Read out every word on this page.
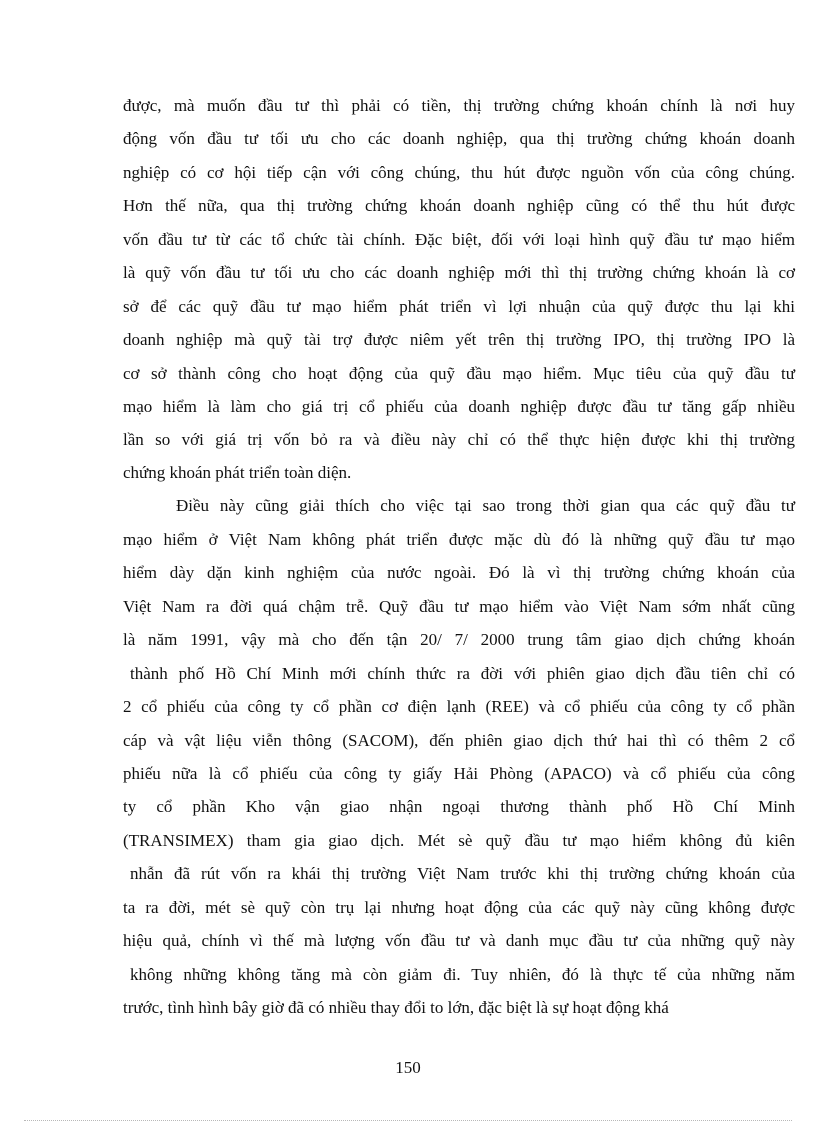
được, mà muốn đầu tư thì phải có tiền, thị trường chứng khoán chính là nơi huy
động vốn đầu tư tối ưu cho các doanh nghiệp, qua thị trường chứng khoán doanh
nghiệp có cơ hội tiếp cận với công chúng, thu hút được nguồn vốn của công chúng.
Hơn thế nữa, qua thị trường chứng khoán doanh nghiệp cũng có thể thu hút được
vốn đầu tư từ các tổ chức tài chính. Đặc biệt, đối với loại hình quỹ đầu tư mạo hiểm
là quỹ vốn đầu tư tối ưu cho các doanh nghiệp mới thì thị trường chứng khoán là cơ
sở để các quỹ đầu tư mạo hiểm phát triển vì lợi nhuận của quỹ được thu lại khi
doanh nghiệp mà quỹ tài trợ được niêm yết trên thị trường IPO, thị trường IPO là
cơ sở thành công cho hoạt động của quỹ đầu mạo hiểm. Mục tiêu của quỹ đầu tư
mạo hiểm là làm cho giá trị cổ phiếu của doanh nghiệp được đầu tư tăng gấp nhiều
lần so với giá trị vốn bỏ ra và điều này chỉ có thể thực hiện được khi thị trường
chứng khoán phát triển toàn diện.
Điều này cũng giải thích cho việc tại sao trong thời gian qua các quỹ đầu tư
mạo hiểm ở Việt Nam không phát triển được mặc dù đó là những quỹ đầu tư mạo
hiểm dày dặn kinh nghiệm của nước ngoài. Đó là vì thị trường chứng khoán của
Việt Nam ra đời quá chậm trễ. Quỹ đầu tư mạo hiểm vào Việt Nam sớm nhất cũng
là năm 1991, vậy mà cho đến tận 20/ 7/ 2000 trung tâm giao dịch chứng khoán
thành phố Hồ Chí Minh mới chính thức ra đời với phiên giao dịch đầu tiên chỉ có
2 cổ phiếu của công ty cổ phần cơ điện lạnh (REE) và cổ phiếu của công ty cổ phần
cáp và vật liệu viễn thông (SACOM), đến phiên giao dịch thứ hai thì có thêm 2 cổ
phiếu nữa là cổ phiếu của công ty giấy Hải Phòng (APACO) và cổ phiếu của công
ty cổ phần Kho vận giao nhận ngoại thương thành phố Hồ Chí Minh
(TRANSIMEX) tham gia giao dịch. Mét sè quỹ đầu tư mạo hiểm không đủ kiên
nhẫn đã rút vốn ra khái thị trường Việt Nam trước khi thị trường chứng khoán của
ta ra đời, mét sè quỹ còn trụ lại nhưng hoạt động của các quỹ này cũng không được
hiệu quả, chính vì thế mà lượng vốn đầu tư và danh mục đầu tư của những quỹ này
không những không tăng mà còn giảm đi. Tuy nhiên, đó là thực tế của những năm
trước, tình hình bây giờ đã có nhiều thay đổi to lớn, đặc biệt là sự hoạt động khá
150
